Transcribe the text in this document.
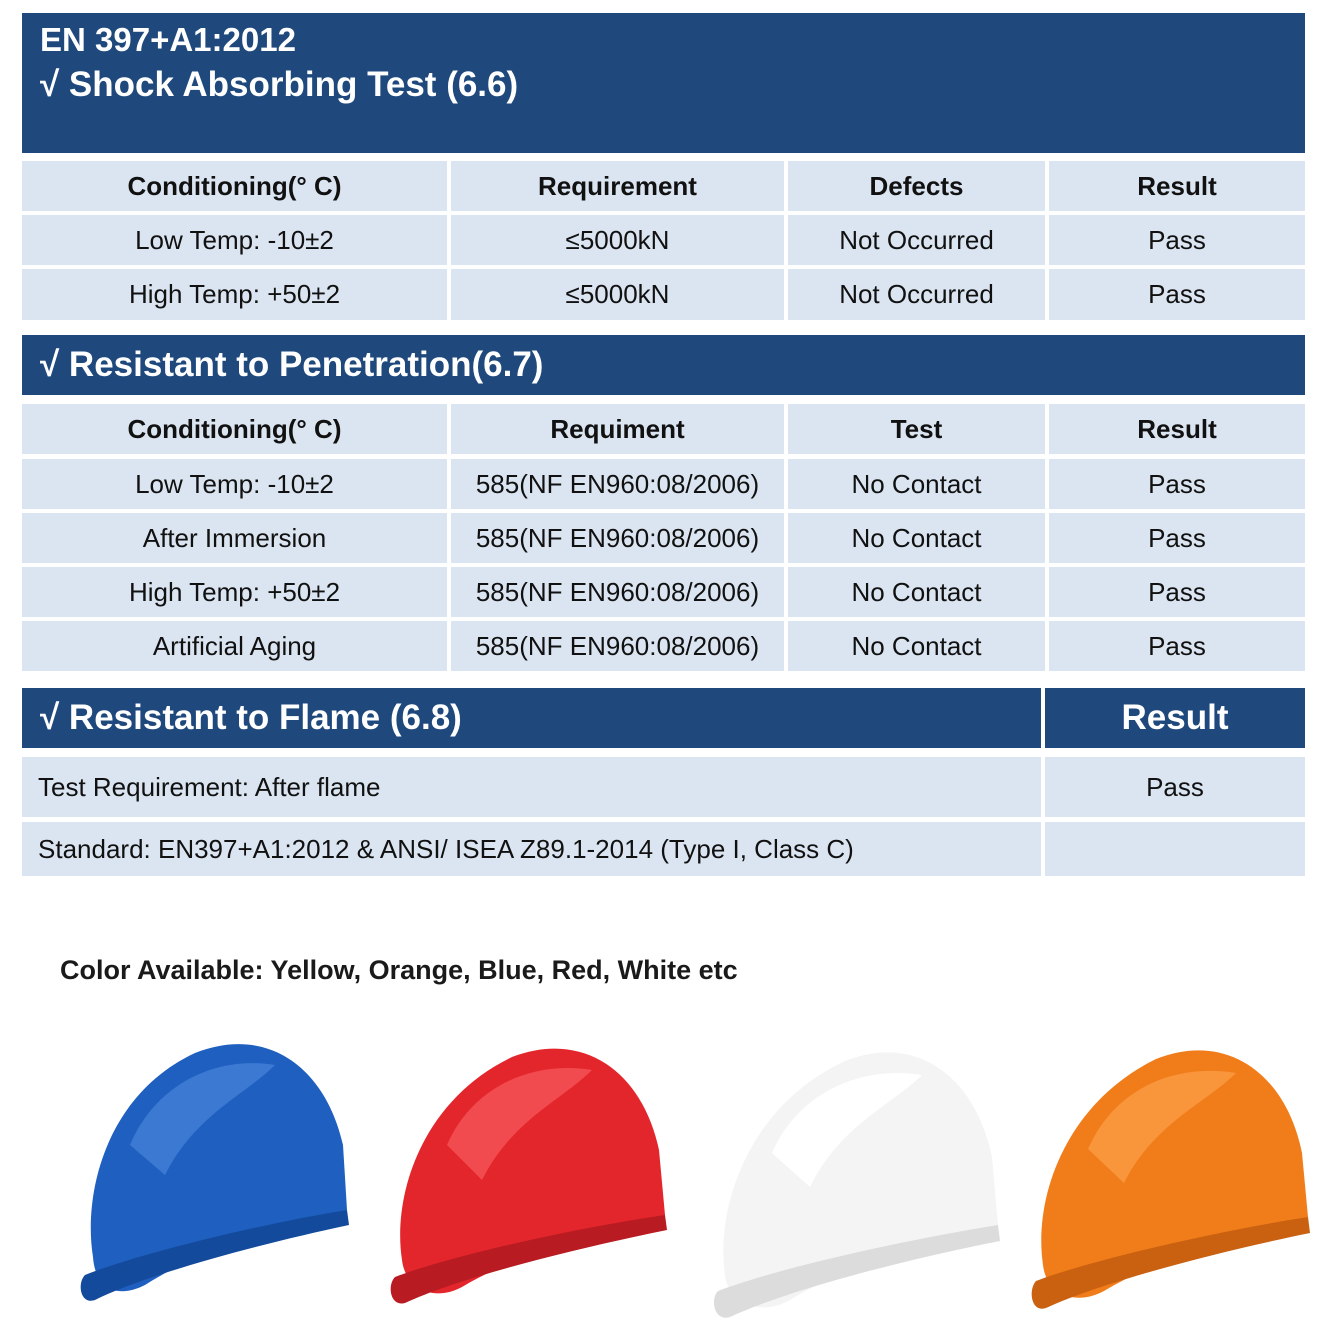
EN 397+A1:2012
√ Shock Absorbing Test (6.6)
Conditioning(° C)	Requirement	Defects	Result
Low Temp: -10±2	≤5000kN	Not Occurred	Pass
High Temp: +50±2	≤5000kN	Not Occurred	Pass
√ Resistant to Penetration(6.7)
Conditioning(° C)	Requiment	Test	Result
Low Temp: -10±2	585(NF EN960:08/2006)	No Contact	Pass
After Immersion	585(NF EN960:08/2006)	No Contact	Pass
High Temp: +50±2	585(NF EN960:08/2006)	No Contact	Pass
Artificial Aging	585(NF EN960:08/2006)	No Contact	Pass
√ Resistant to Flame (6.8)	Result
Test Requirement: After flame	Pass
Standard: EN397+A1:2012 & ANSI/ ISEA Z89.1-2014 (Type I, Class C)
Color Available: Yellow, Orange, Blue, Red, White etc
